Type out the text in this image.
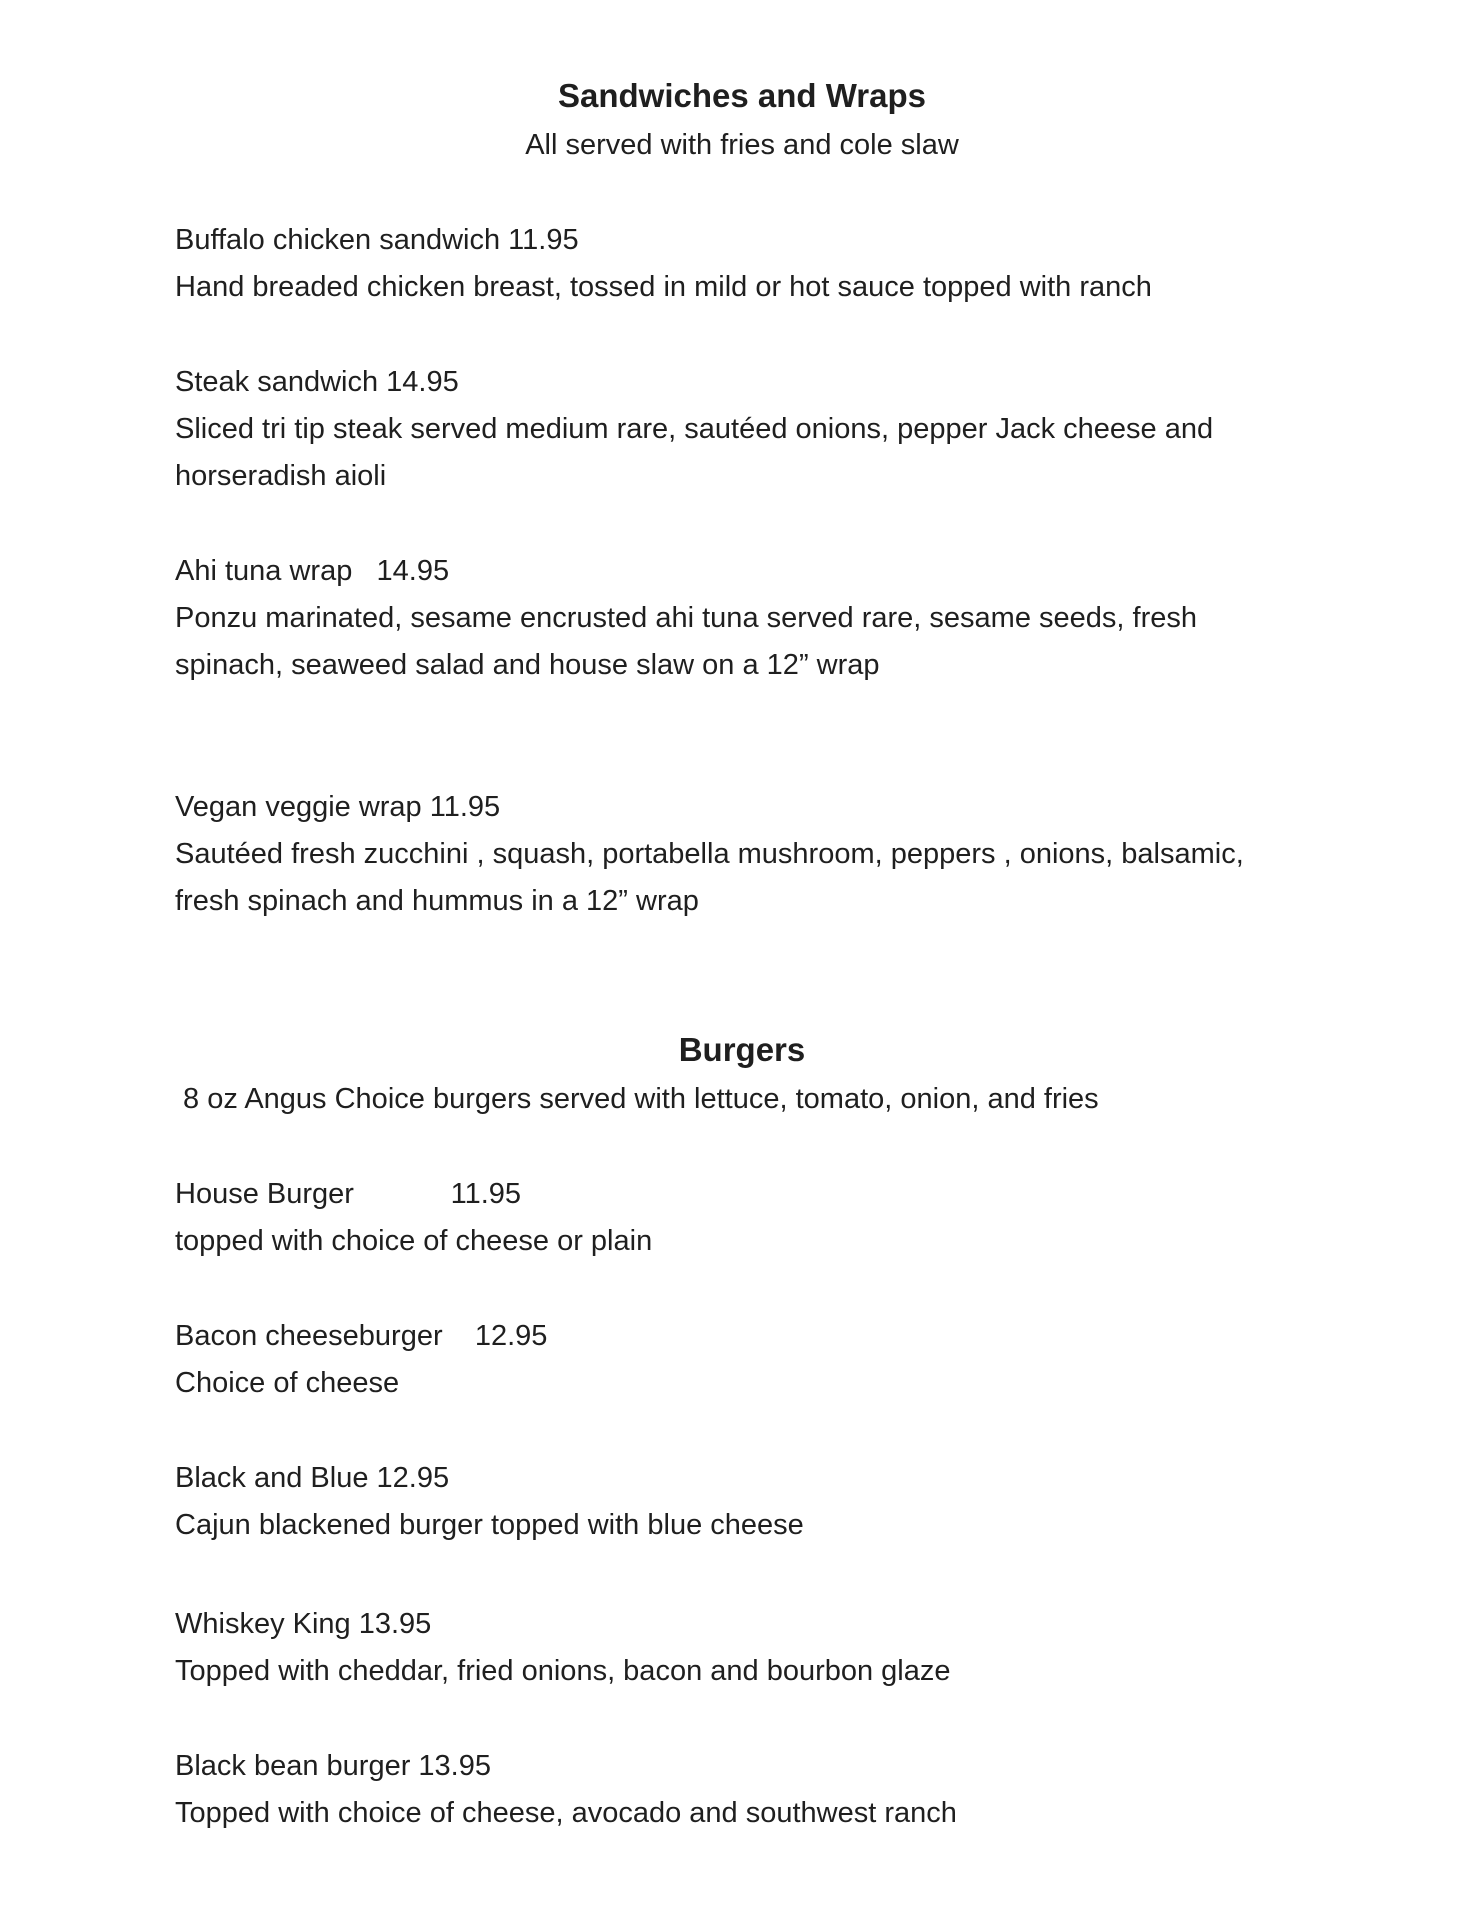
Sandwiches and Wraps
All served with fries and cole slaw
Buffalo chicken sandwich 11.95
Hand breaded chicken breast, tossed in mild or hot sauce topped with ranch
Steak sandwich 14.95
Sliced tri tip steak served medium rare, sautéed onions, pepper Jack cheese and
horseradish aioli
Ahi tuna wrap   14.95
Ponzu marinated, sesame encrusted ahi tuna served rare, sesame seeds, fresh
spinach, seaweed salad and house slaw on a 12” wrap
Vegan veggie wrap 11.95
Sautéed fresh zucchini , squash, portabella mushroom, peppers , onions, balsamic,
fresh spinach and hummus in a 12” wrap
Burgers
8 oz Angus Choice burgers served with lettuce, tomato, onion, and fries
House Burger            11.95
topped with choice of cheese or plain
Bacon cheeseburger    12.95
Choice of cheese
Black and Blue 12.95
Cajun blackened burger topped with blue cheese
Whiskey King 13.95
Topped with cheddar, fried onions, bacon and bourbon glaze
Black bean burger 13.95
Topped with choice of cheese, avocado and southwest ranch
